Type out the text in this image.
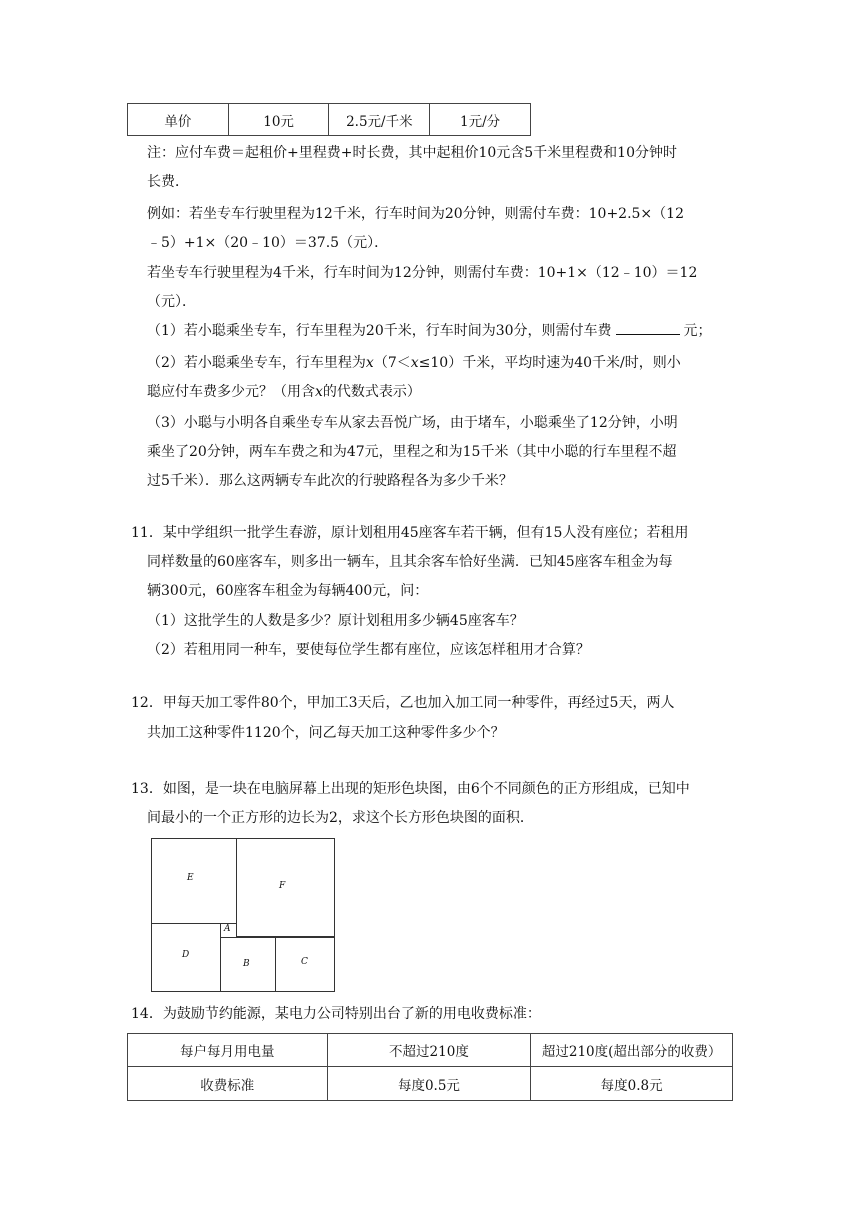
单价	10元	2.5元/千米	1元/分
注：应付车费＝起租价+里程费+时长费，其中起租价10元含5千米里程费和10分钟时
长费．
例如：若坐专车行驶里程为12千米，行车时间为20分钟，则需付车费：10+2.5×（12
﹣5）+1×（20﹣10）＝37.5（元）．
若坐专车行驶里程为4千米，行车时间为12分钟，则需付车费：10+1×（12﹣10）＝12
（元）．
（1）若小聪乘坐专车，行车里程为20千米，行车时间为30分，则需付车费	元；
（2）若小聪乘坐专车，行车里程为x（7＜x≤10）千米，平均时速为40千米/时，则小
聪应付车费多少元？（用含x的代数式表示）
（3）小聪与小明各自乘坐专车从家去吾悦广场，由于堵车，小聪乘坐了12分钟，小明
乘坐了20分钟，两车车费之和为47元，里程之和为15千米（其中小聪的行车里程不超
过5千米）．那么这两辆专车此次的行驶路程各为多少千米？
11．某中学组织一批学生春游，原计划租用45座客车若干辆，但有15人没有座位；若租用
同样数量的60座客车，则多出一辆车，且其余客车恰好坐满．已知45座客车租金为每
辆300元，60座客车租金为每辆400元，问：
（1）这批学生的人数是多少？原计划租用多少辆45座客车？
（2）若租用同一种车，要使每位学生都有座位，应该怎样租用才合算？
12．甲每天加工零件80个，甲加工3天后，乙也加入加工同一种零件，再经过5天，两人
共加工这种零件1120个，问乙每天加工这种零件多少个？
13．如图，是一块在电脑屏幕上出现的矩形色块图，由6个不同颜色的正方形组成，已知中
间最小的一个正方形的边长为2，求这个长方形色块图的面积．
E
F
A
D
B	C
14．为鼓励节约能源，某电力公司特别出台了新的用电收费标准：
每户每月用电量	不超过210度	超过210度(超出部分的收费）
收费标准	每度0.5元	每度0.8元
